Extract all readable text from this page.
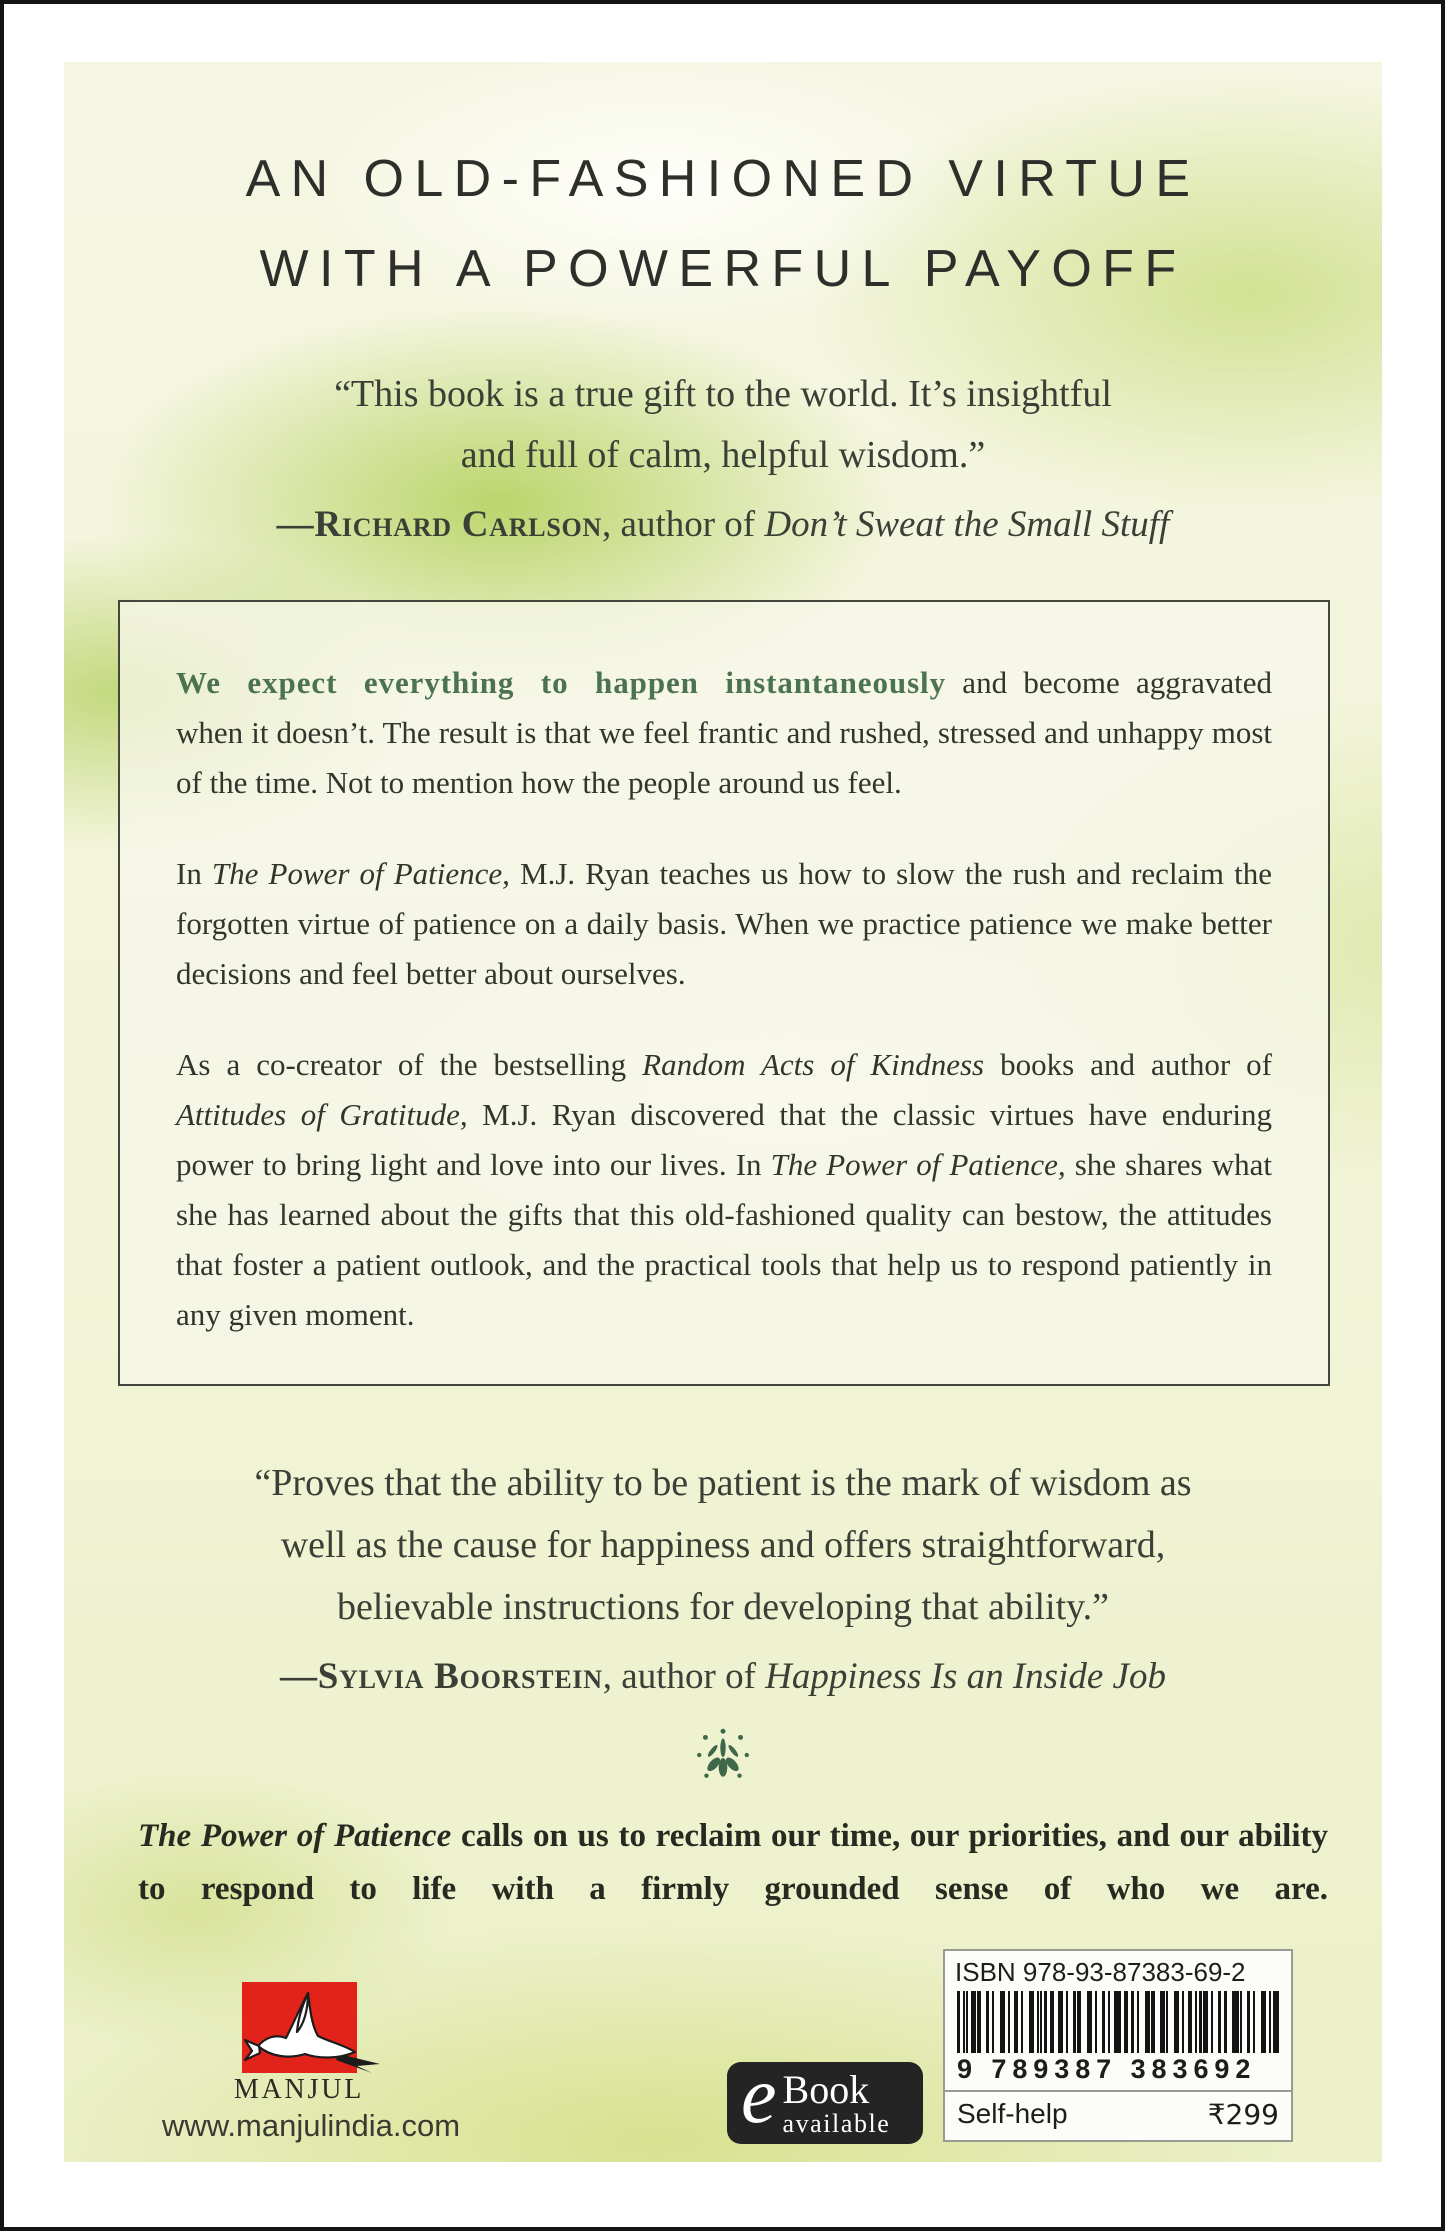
AN OLD-FASHIONED VIRTUE
WITH A POWERFUL PAYOFF
“This book is a true gift to the world. It’s insightful
and full of calm, helpful wisdom.”
—Richard Carlson, author of Don’t Sweat the Small Stuff

We expect everything to happen instantaneously and become aggravated when it doesn’t. The result is that we feel frantic and rushed, stressed and unhappy most of the time. Not to mention how the people around us feel.

In The Power of Patience, M.J. Ryan teaches us how to slow the rush and reclaim the forgotten virtue of patience on a daily basis. When we practice patience we make better decisions and feel better about ourselves.

As a co-creator of the bestselling Random Acts of Kindness books and author of Attitudes of Gratitude, M.J. Ryan discovered that the classic virtues have enduring power to bring light and love into our lives. In The Power of Patience, she shares what she has learned about the gifts that this old-fashioned quality can bestow, the attitudes that foster a patient outlook, and the practical tools that help us to respond patiently in any given moment.

“Proves that the ability to be patient is the mark of wisdom as
well as the cause for happiness and offers straightforward,
believable instructions for developing that ability.”
—Sylvia Boorstein, author of Happiness Is an Inside Job
The Power of Patience calls on us to reclaim our time, our priorities, and our ability to respond to life with a firmly grounded sense of who we are.
MANJUL
www.manjulindia.com	e Book
available
ISBN 978-93-87383-69-2
9 789387 383692
Self-help	₹299
